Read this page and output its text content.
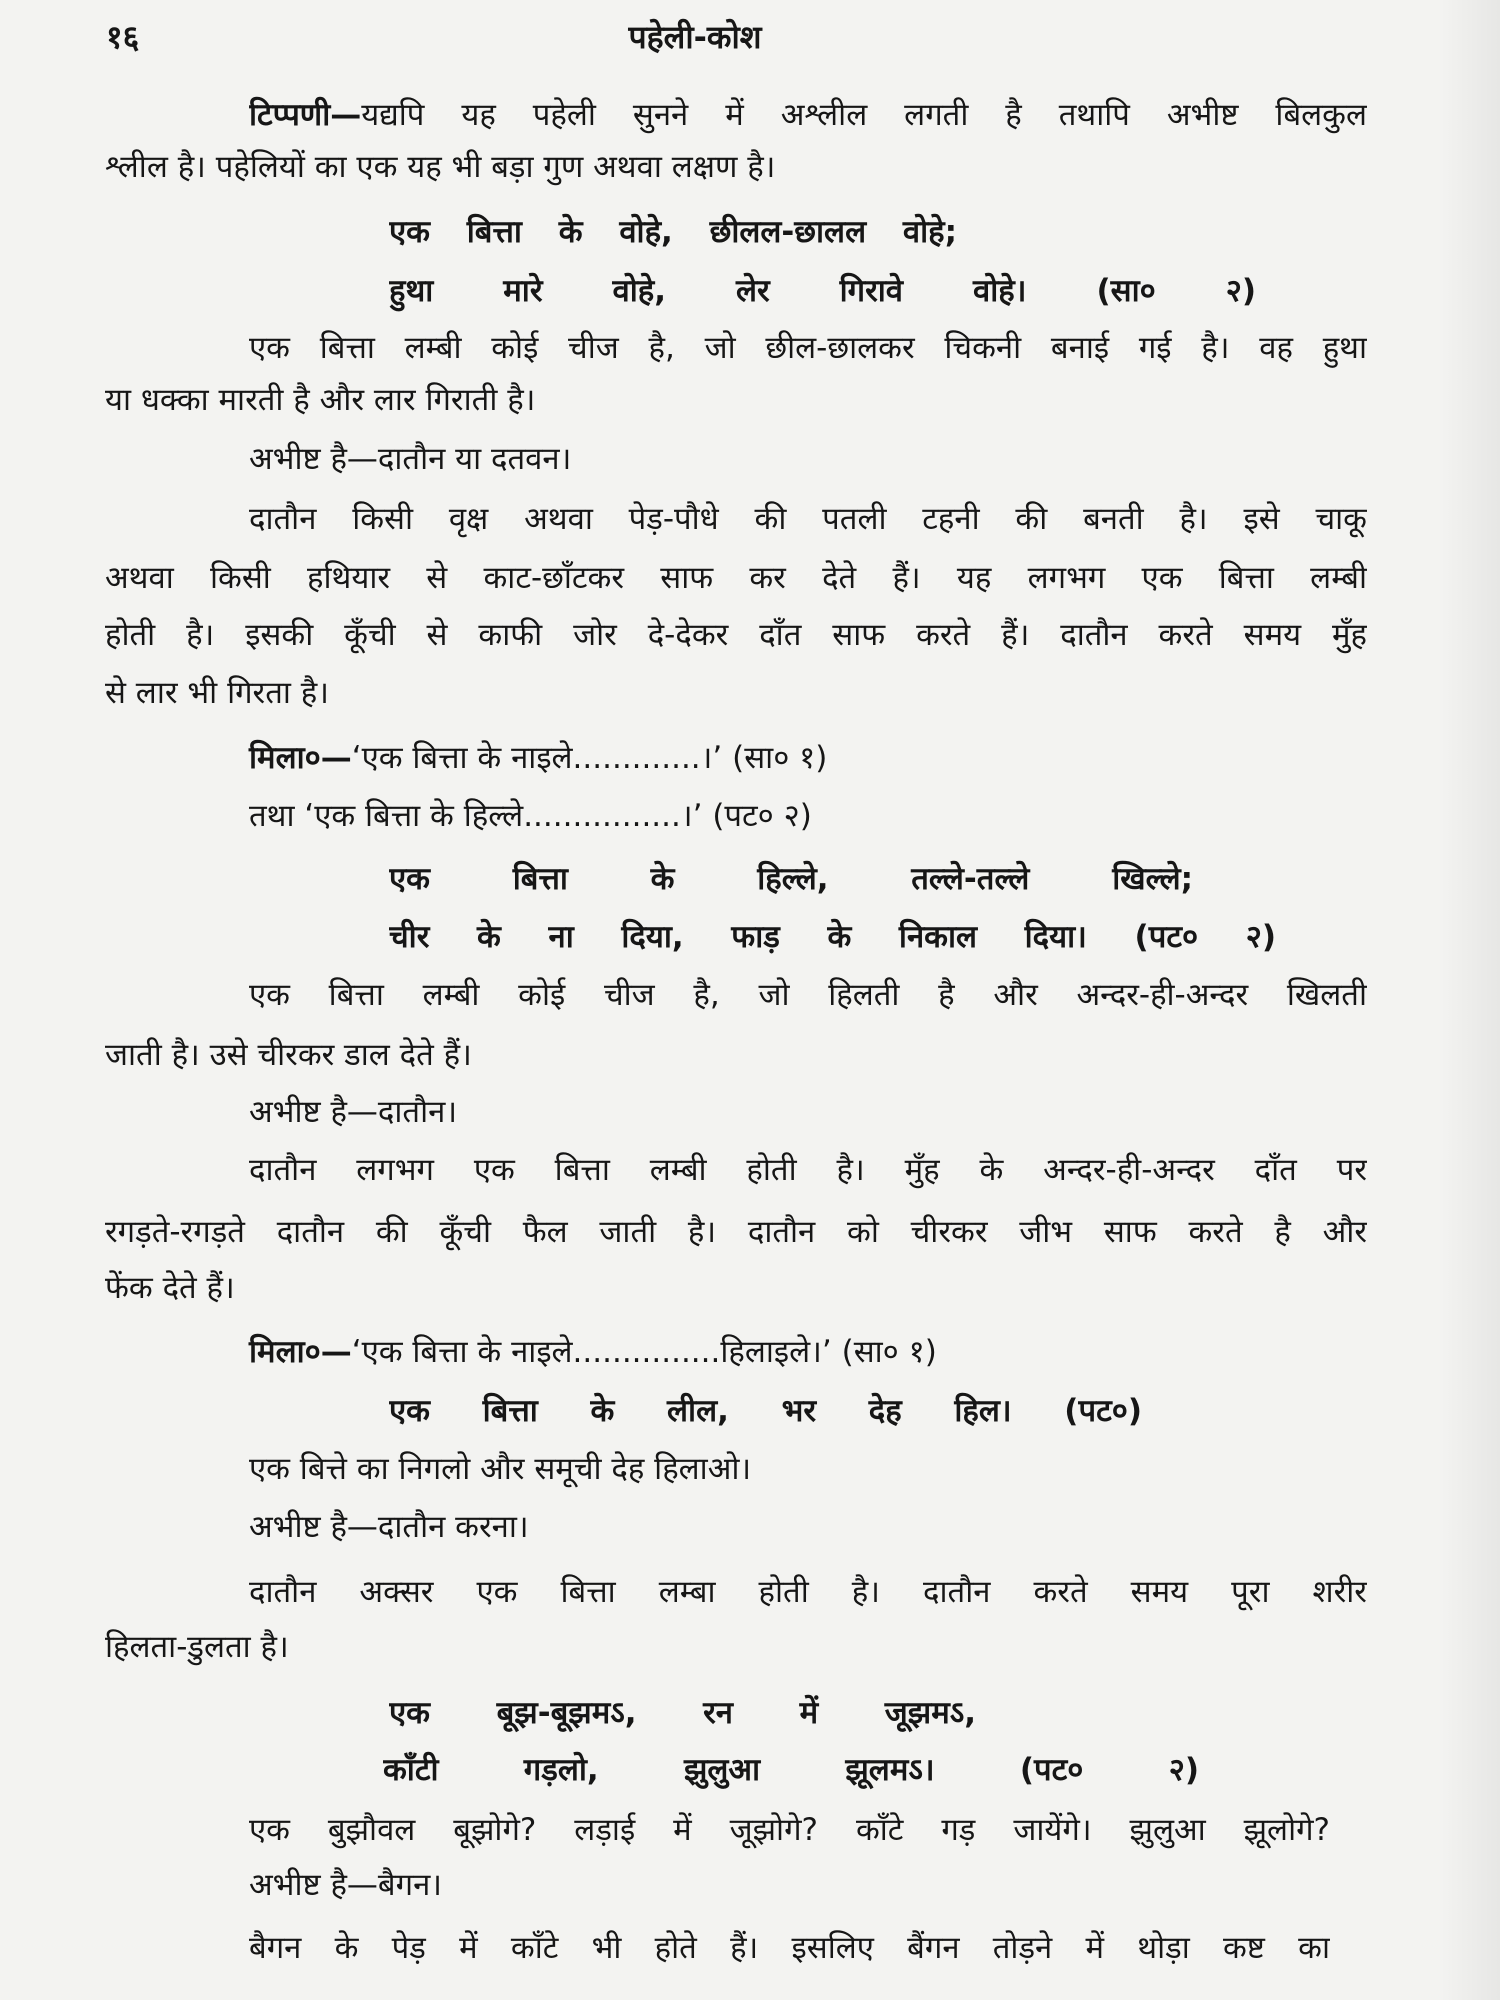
१६	पहेली-कोश
टिप्पणी—यद्यपि यह पहेली सुनने में अश्लील लगती है तथापि अभीष्ट बिलकुल
श्लील है। पहेलियों का एक यह भी बड़ा गुण अथवा लक्षण है।
एक बित्ता के वोहे, छीलल-छालल वोहे;
हुथा मारे वोहे, लेर गिरावे वोहे। (सा० २)
एक बित्ता लम्बी कोई चीज है, जो छील-छालकर चिकनी बनाई गई है। वह हुथा
या धक्का मारती है और लार गिराती है।
अभीष्ट है—दातौन या दतवन।
दातौन किसी वृक्ष अथवा पेड़-पौधे की पतली टहनी की बनती है। इसे चाकू
अथवा किसी हथियार से काट-छाँटकर साफ कर देते हैं। यह लगभग एक बित्ता लम्बी
होती है। इसकी कूँची से काफी जोर दे-देकर दाँत साफ करते हैं। दातौन करते समय मुँह
से लार भी गिरता है।
मिला०—‘एक बित्ता के नाइले.............।’ (सा० १)
तथा ‘एक बित्ता के हिल्ले................।’ (पट० २)
एक बित्ता के हिल्ले, तल्ले-तल्ले खिल्ले;
चीर के ना दिया, फाड़ के निकाल दिया। (पट० २)
एक बित्ता लम्बी कोई चीज है, जो हिलती है और अन्दर-ही-अन्दर खिलती
जाती है। उसे चीरकर डाल देते हैं।
अभीष्ट है—दातौन।
दातौन लगभग एक बित्ता लम्बी होती है। मुँह के अन्दर-ही-अन्दर दाँत पर
रगड़ते-रगड़ते दातौन की कूँची फैल जाती है। दातौन को चीरकर जीभ साफ करते है और
फेंक देते हैं।
मिला०—‘एक बित्ता के नाइले...............हिलाइले।’ (सा० १)
एक बित्ता के लील, भर देह हिल। (पट०)
एक बित्ते का निगलो और समूची देह हिलाओ।
अभीष्ट है—दातौन करना।
दातौन अक्सर एक बित्ता लम्बा होती है। दातौन करते समय पूरा शरीर
हिलता-डुलता है।
एक बूझ-बूझमऽ, रन में जूझमऽ,
काँटी गड़लो, झुलुआ झूलमऽ। (पट० २)
एक बुझौवल बूझोगे? लड़ाई में जूझोगे? काँटे गड़ जायेंगे। झुलुआ झूलोगे?
अभीष्ट है—बैगन।
बैगन के पेड़ में काँटे भी होते हैं। इसलिए बैंगन तोड़ने में थोड़ा कष्ट का
